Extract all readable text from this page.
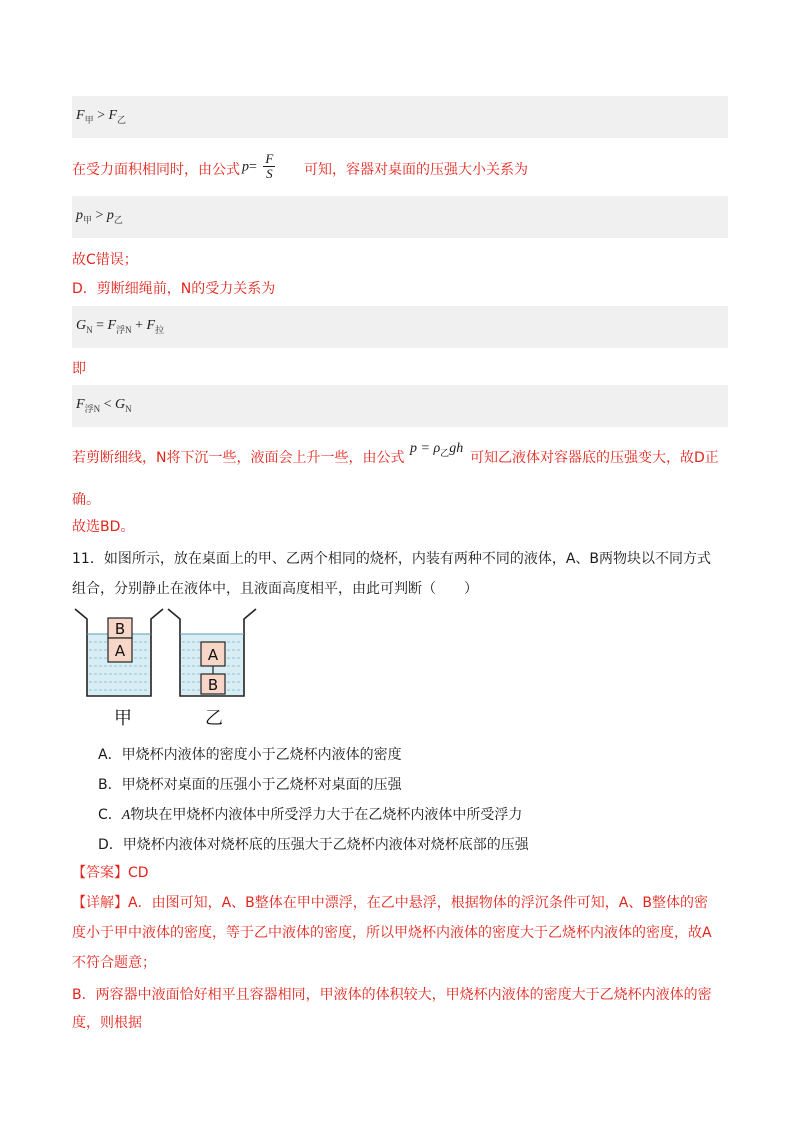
$F_甲 > F_乙$
在受力面积相同时，由公式 $p= \frac{F}{S}$ 可知，容器对桌面的压强大小关系为
$p_甲 > p_乙$
故C错误；
D．剪断细绳前，N的受力关系为
$G_N = F_{浮N} + F_拉$
即
$F_{浮N} < G_N$
若剪断细线，N将下沉一些，液面会上升一些，由公式
$p = \rho_乙gh$
可知乙液体对容器底的压强变大，故D正
确。
故选BD。
11．如图所示，放在桌面上的甲、乙两个相同的烧杯，内装有两种不同的液体，A、B两物块以不同方式
组合，分别静止在液体中，且液面高度相平，由此可判断（　　）
B
A	A
B
甲	乙
A．甲烧杯内液体的密度小于乙烧杯内液体的密度
B．甲烧杯对桌面的压强小于乙烧杯对桌面的压强
C．A物块在甲烧杯内液体中所受浮力大于在乙烧杯内液体中所受浮力
D．甲烧杯内液体对烧杯底的压强大于乙烧杯内液体对烧杯底部的压强
【答案】CD
【详解】A．由图可知，A、B整体在甲中漂浮，在乙中悬浮，根据物体的浮沉条件可知，A、B整体的密
度小于甲中液体的密度，等于乙中液体的密度，所以甲烧杯内液体的密度大于乙烧杯内液体的密度，故A
不符合题意；
B．两容器中液面恰好相平且容器相同，甲液体的体积较大，甲烧杯内液体的密度大于乙烧杯内液体的密
度，则根据
